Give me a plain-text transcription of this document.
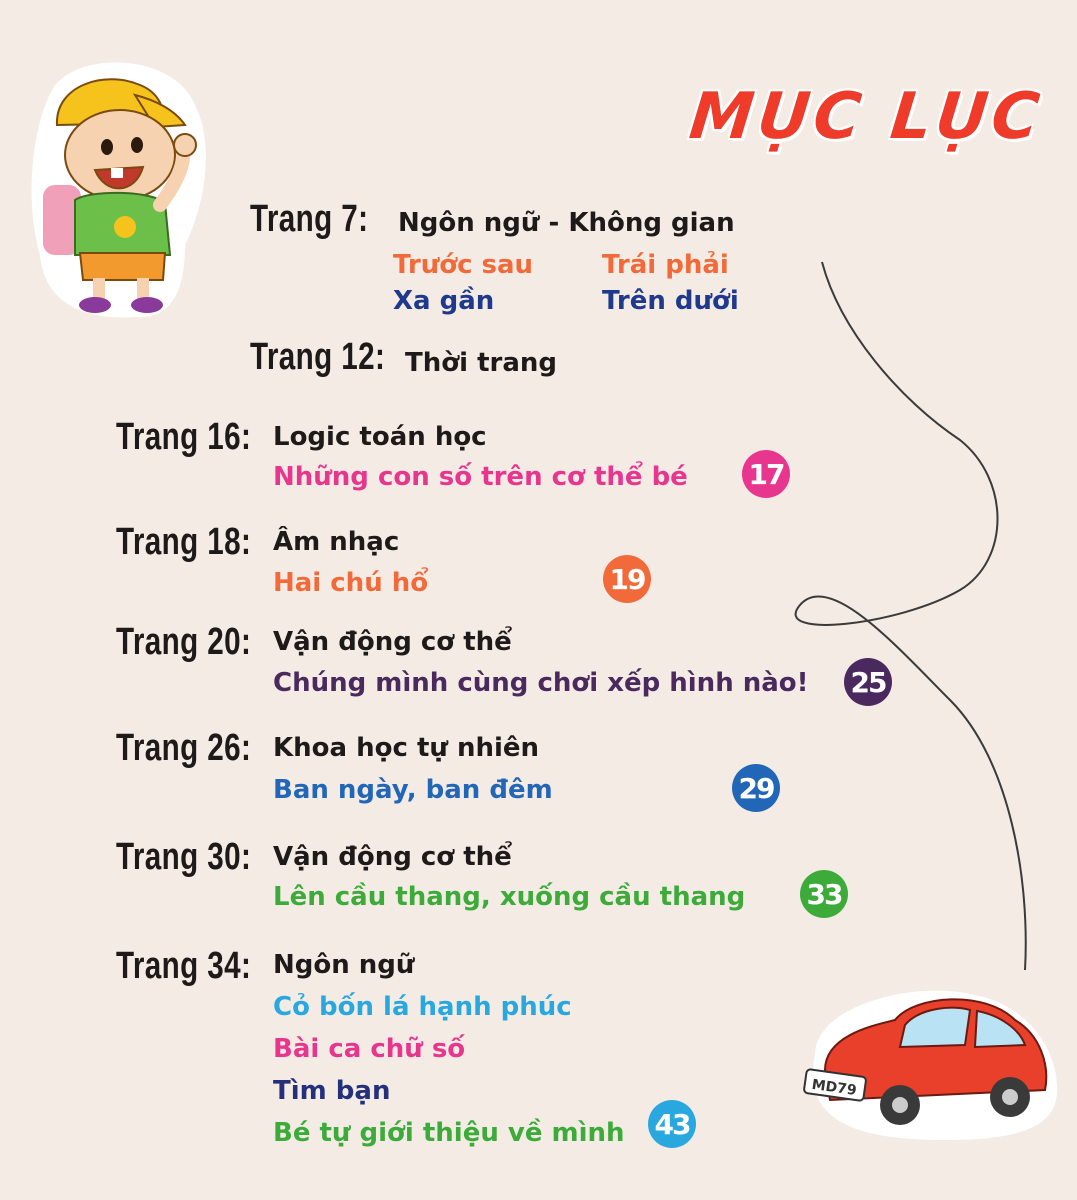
MD79
MỤC LỤC
Trang 7: Ngôn ngữ - Không gian
Trước sau	Trái phải
Xa gần	Trên dưới
Trang 12: Thời trang
Trang 16: Logic toán học
Những con số trên cơ thể bé 17
Trang 18: Âm nhạc
Hai chú hổ	19
Trang 20: Vận động cơ thể
Chúng mình cùng chơi xếp hình nào! 25
Trang 26: Khoa học tự nhiên
Ban ngày, ban đêm	29
Trang 30: Vận động cơ thể
Lên cầu thang, xuống cầu thang 33
Trang 34: Ngôn ngữ
Cỏ bốn lá hạnh phúc
Bài ca chữ số
Tìm bạn
Bé tự giới thiệu về mình 43
